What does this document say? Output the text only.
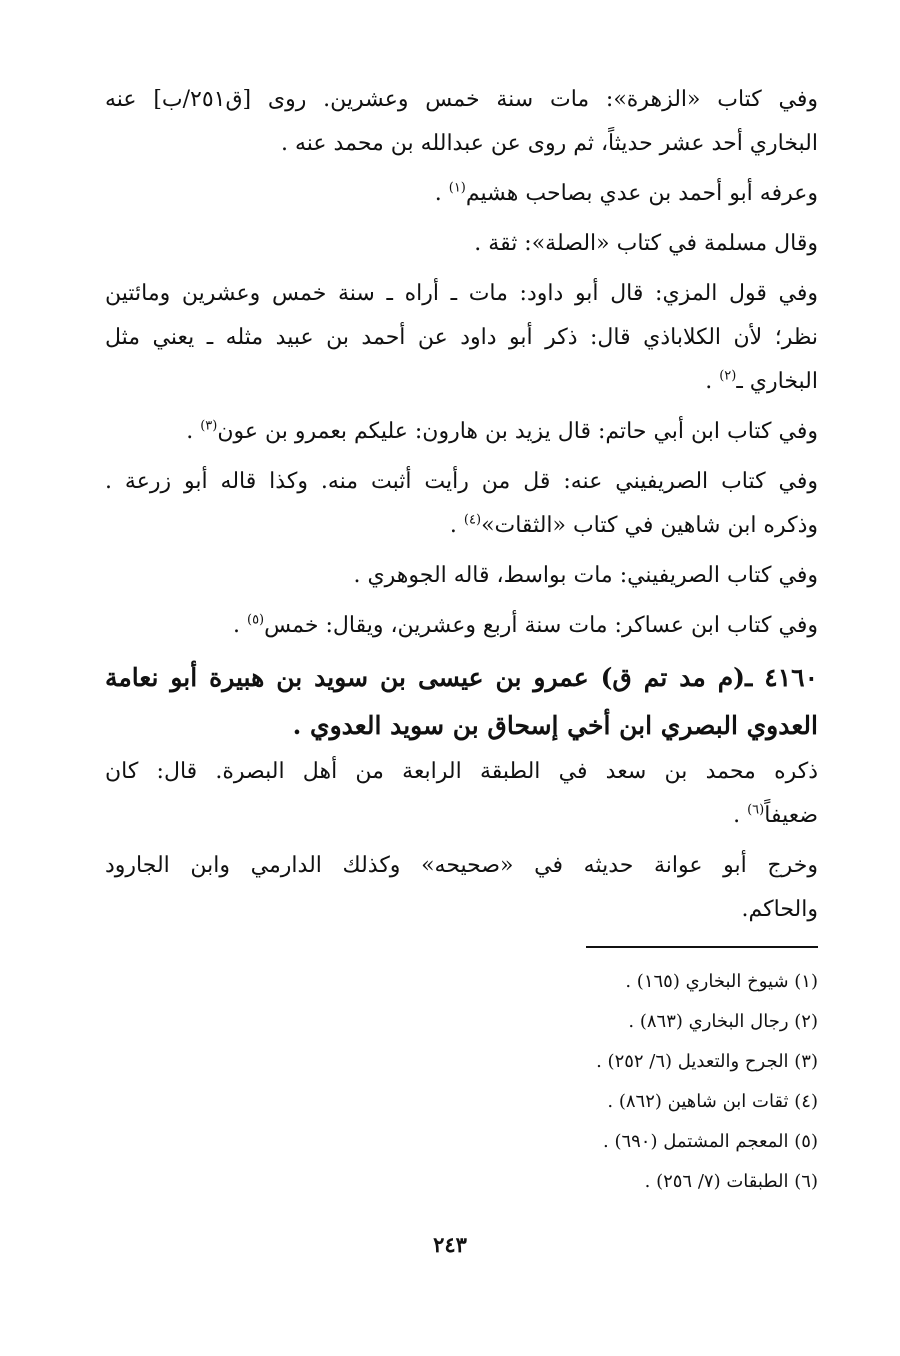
وفي كتاب «الزهرة»: مات سنة خمس وعشرين. روى [ق٢٥١/ب] عنه
البخاري أحد عشر حديثاً، ثم روى عن عبدالله بن محمد عنه .
وعرفه أبو أحمد بن عدي بصاحب هشيم$^{(١)}$ .
وقال مسلمة في كتاب «الصلة»: ثقة .
وفي قول المزي: قال أبو داود: مات ـ أراه ـ سنة خمس وعشرين ومائتين
نظر؛ لأن الكلاباذي قال: ذكر أبو داود عن أحمد بن عبيد مثله ـ يعني مثل
البخاري ـ$^{(٢)}$ .
وفي كتاب ابن أبي حاتم: قال يزيد بن هارون: عليكم بعمرو بن عون$^{(٣)}$ .
وفي كتاب الصريفيني عنه: قل من رأيت أثبت منه. وكذا قاله أبو زرعة .
وذكره ابن شاهين في كتاب «الثقات»$^{(٤)}$ .
وفي كتاب الصريفيني: مات بواسط، قاله الجوهري .
وفي كتاب ابن عساكر: مات سنة أربع وعشرين، ويقال: خمس$^{(٥)}$ .
٤١٦٠ ـ(م مد تم ق) عمرو بن عيسى بن سويد بن هبيرة أبو نعامة
العدوي البصري ابن أخي إسحاق بن سويد العدوي .
ذكره محمد بن سعد في الطبقة الرابعة من أهل البصرة. قال: كان
ضعيفاً$^{(٦)}$ .
وخرج أبو عوانة حديثه في «صحيحه» وكذلك الدارمي وابن الجارود
والحاكم.
(١) شيوخ البخاري (١٦٥) .
(٢) رجال البخاري (٨٦٣) .
(٣) الجرح والتعديل (٦/ ٢٥٢) .
(٤) ثقات ابن شاهين (٨٦٢) .
(٥) المعجم المشتمل (٦٩٠) .
(٦) الطبقات (٧/ ٢٥٦) .
٢٤٣
